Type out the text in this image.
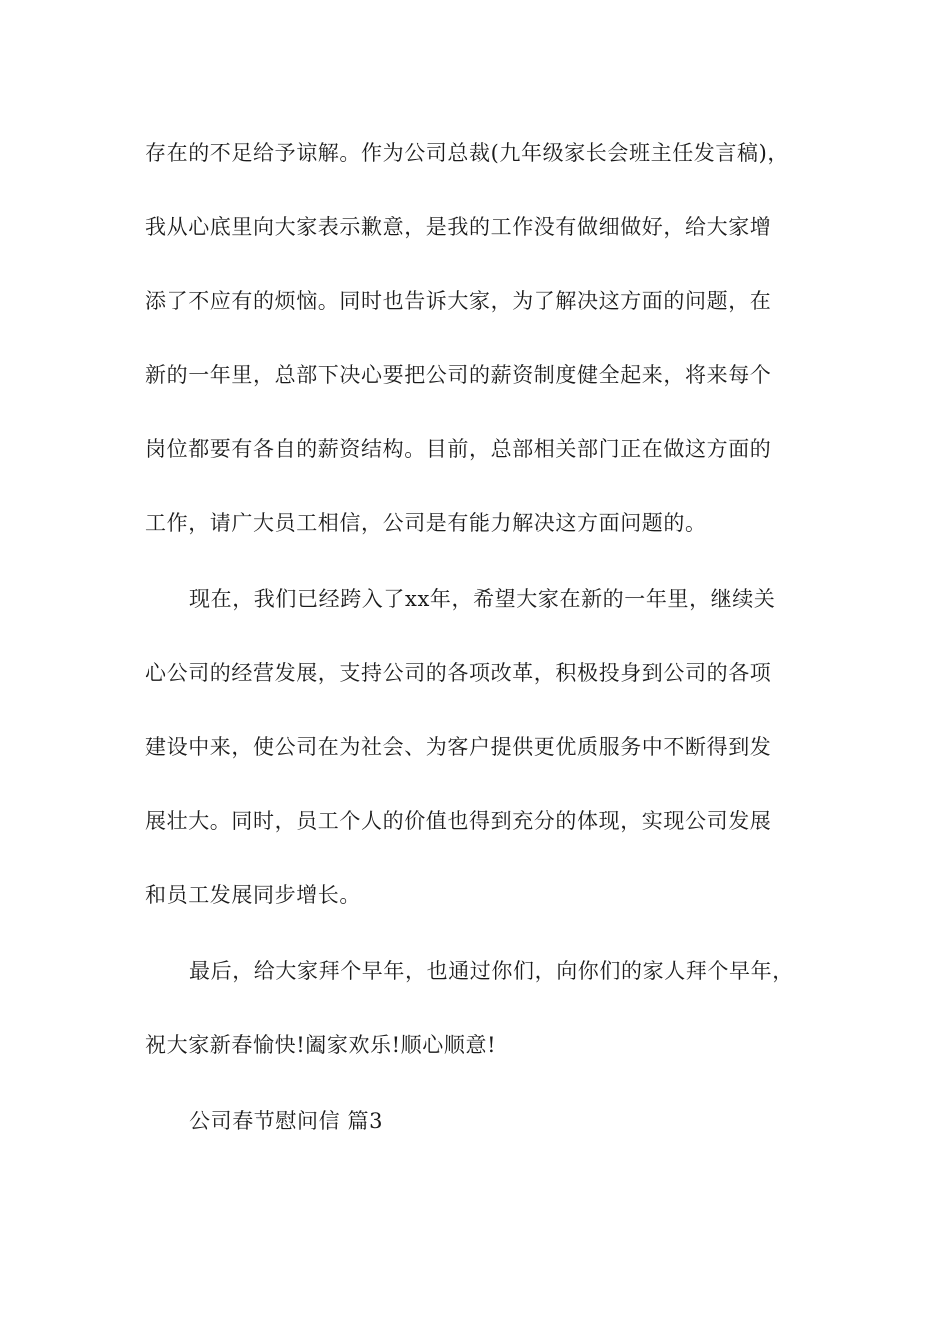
存在的不足给予谅解。作为公司总裁(九年级家长会班主任发言稿)，
我从心底里向大家表示歉意，是我的工作没有做细做好，给大家增
添了不应有的烦恼。同时也告诉大家，为了解决这方面的问题，在
新的一年里，总部下决心要把公司的薪资制度健全起来，将来每个
岗位都要有各自的薪资结构。目前，总部相关部门正在做这方面的
工作，请广大员工相信，公司是有能力解决这方面问题的。
现在，我们已经跨入了xx年，希望大家在新的一年里，继续关
心公司的经营发展，支持公司的各项改革，积极投身到公司的各项
建设中来，使公司在为社会、为客户提供更优质服务中不断得到发
展壮大。同时，员工个人的价值也得到充分的体现，实现公司发展
和员工发展同步增长。
最后，给大家拜个早年，也通过你们，向你们的家人拜个早年，
祝大家新春愉快!阖家欢乐!顺心顺意!
公司春节慰问信 篇3
